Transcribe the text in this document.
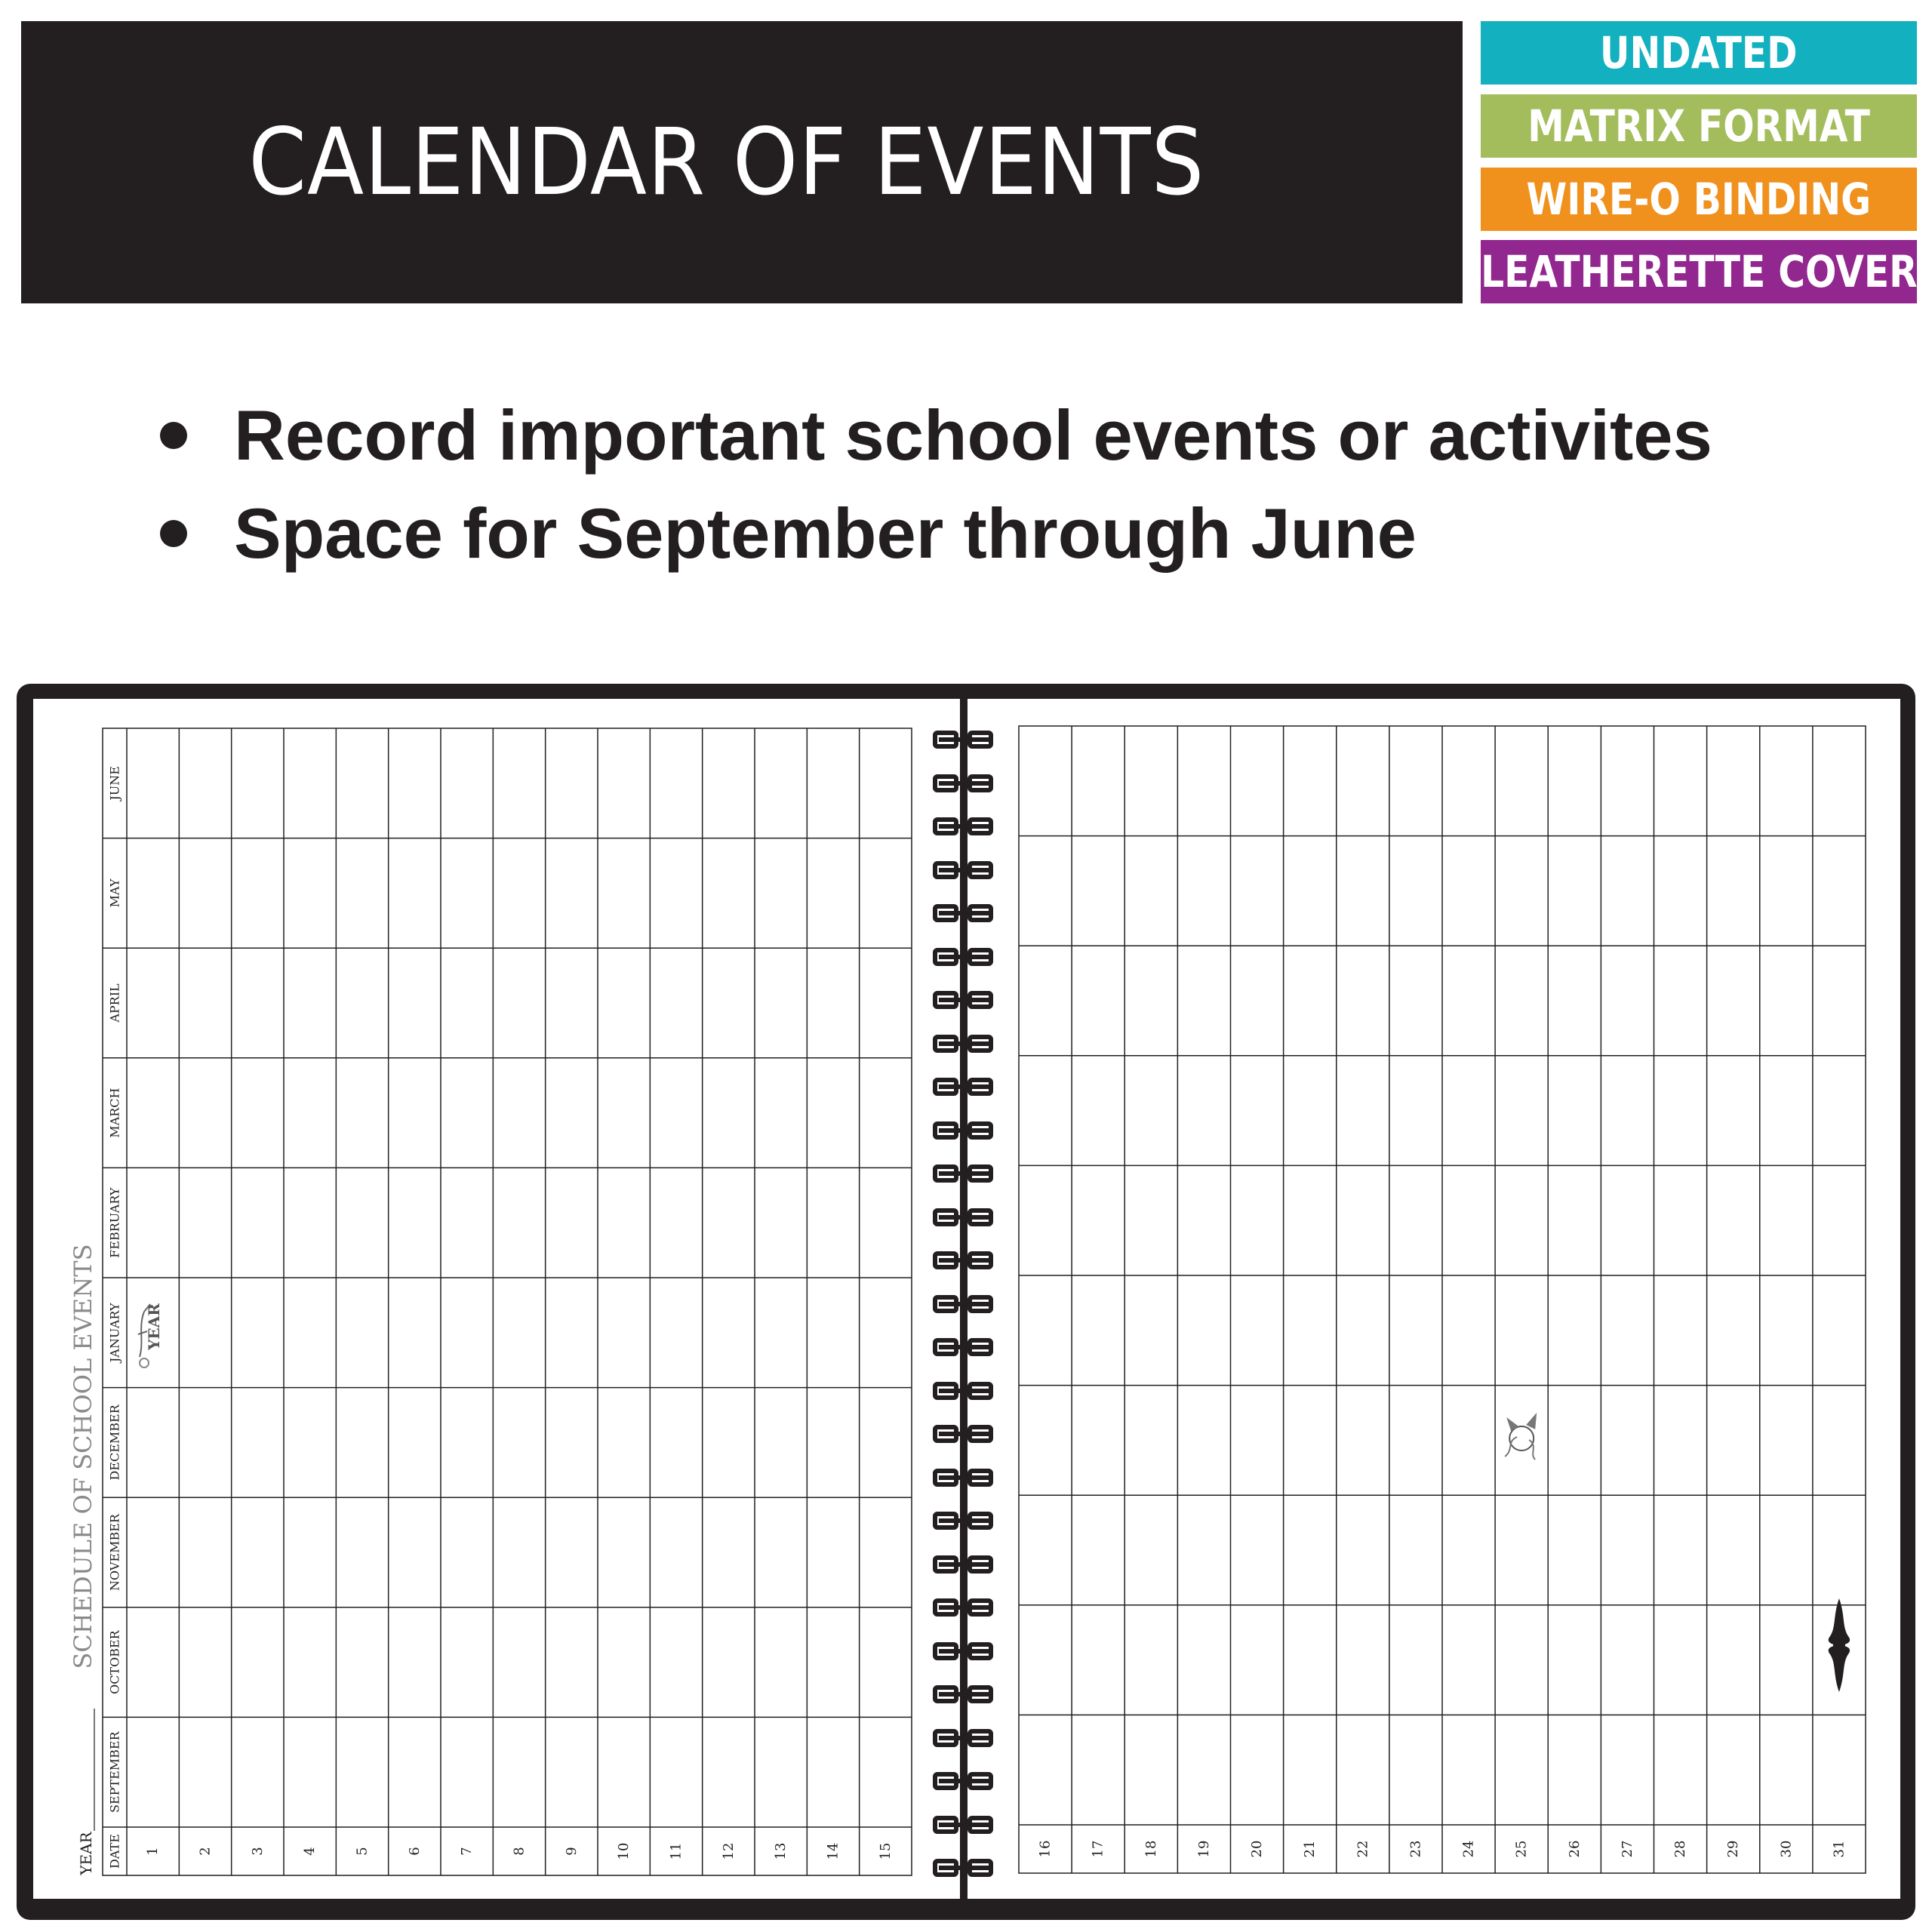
CALENDAR OF EVENTS
UNDATED
MATRIX FORMAT
WIRE-O BINDING
LEATHERETTE COVER
Record important school events or activites
Space for September through June
SEPTEMBER
OCTOBER
NOVEMBER
DECEMBER
JANUARY
FEBRUARY
MARCH
APRIL
MAY
JUNE
DATE 1	2	3	4	5	6	7	8	9	10	11	12	13	14	15
SCHEDULE OF SCHOOL EVENTS
YEAR
YEAR
16	17	18	19	20	21	22	23	24	25	26	27	28	29	30	31
